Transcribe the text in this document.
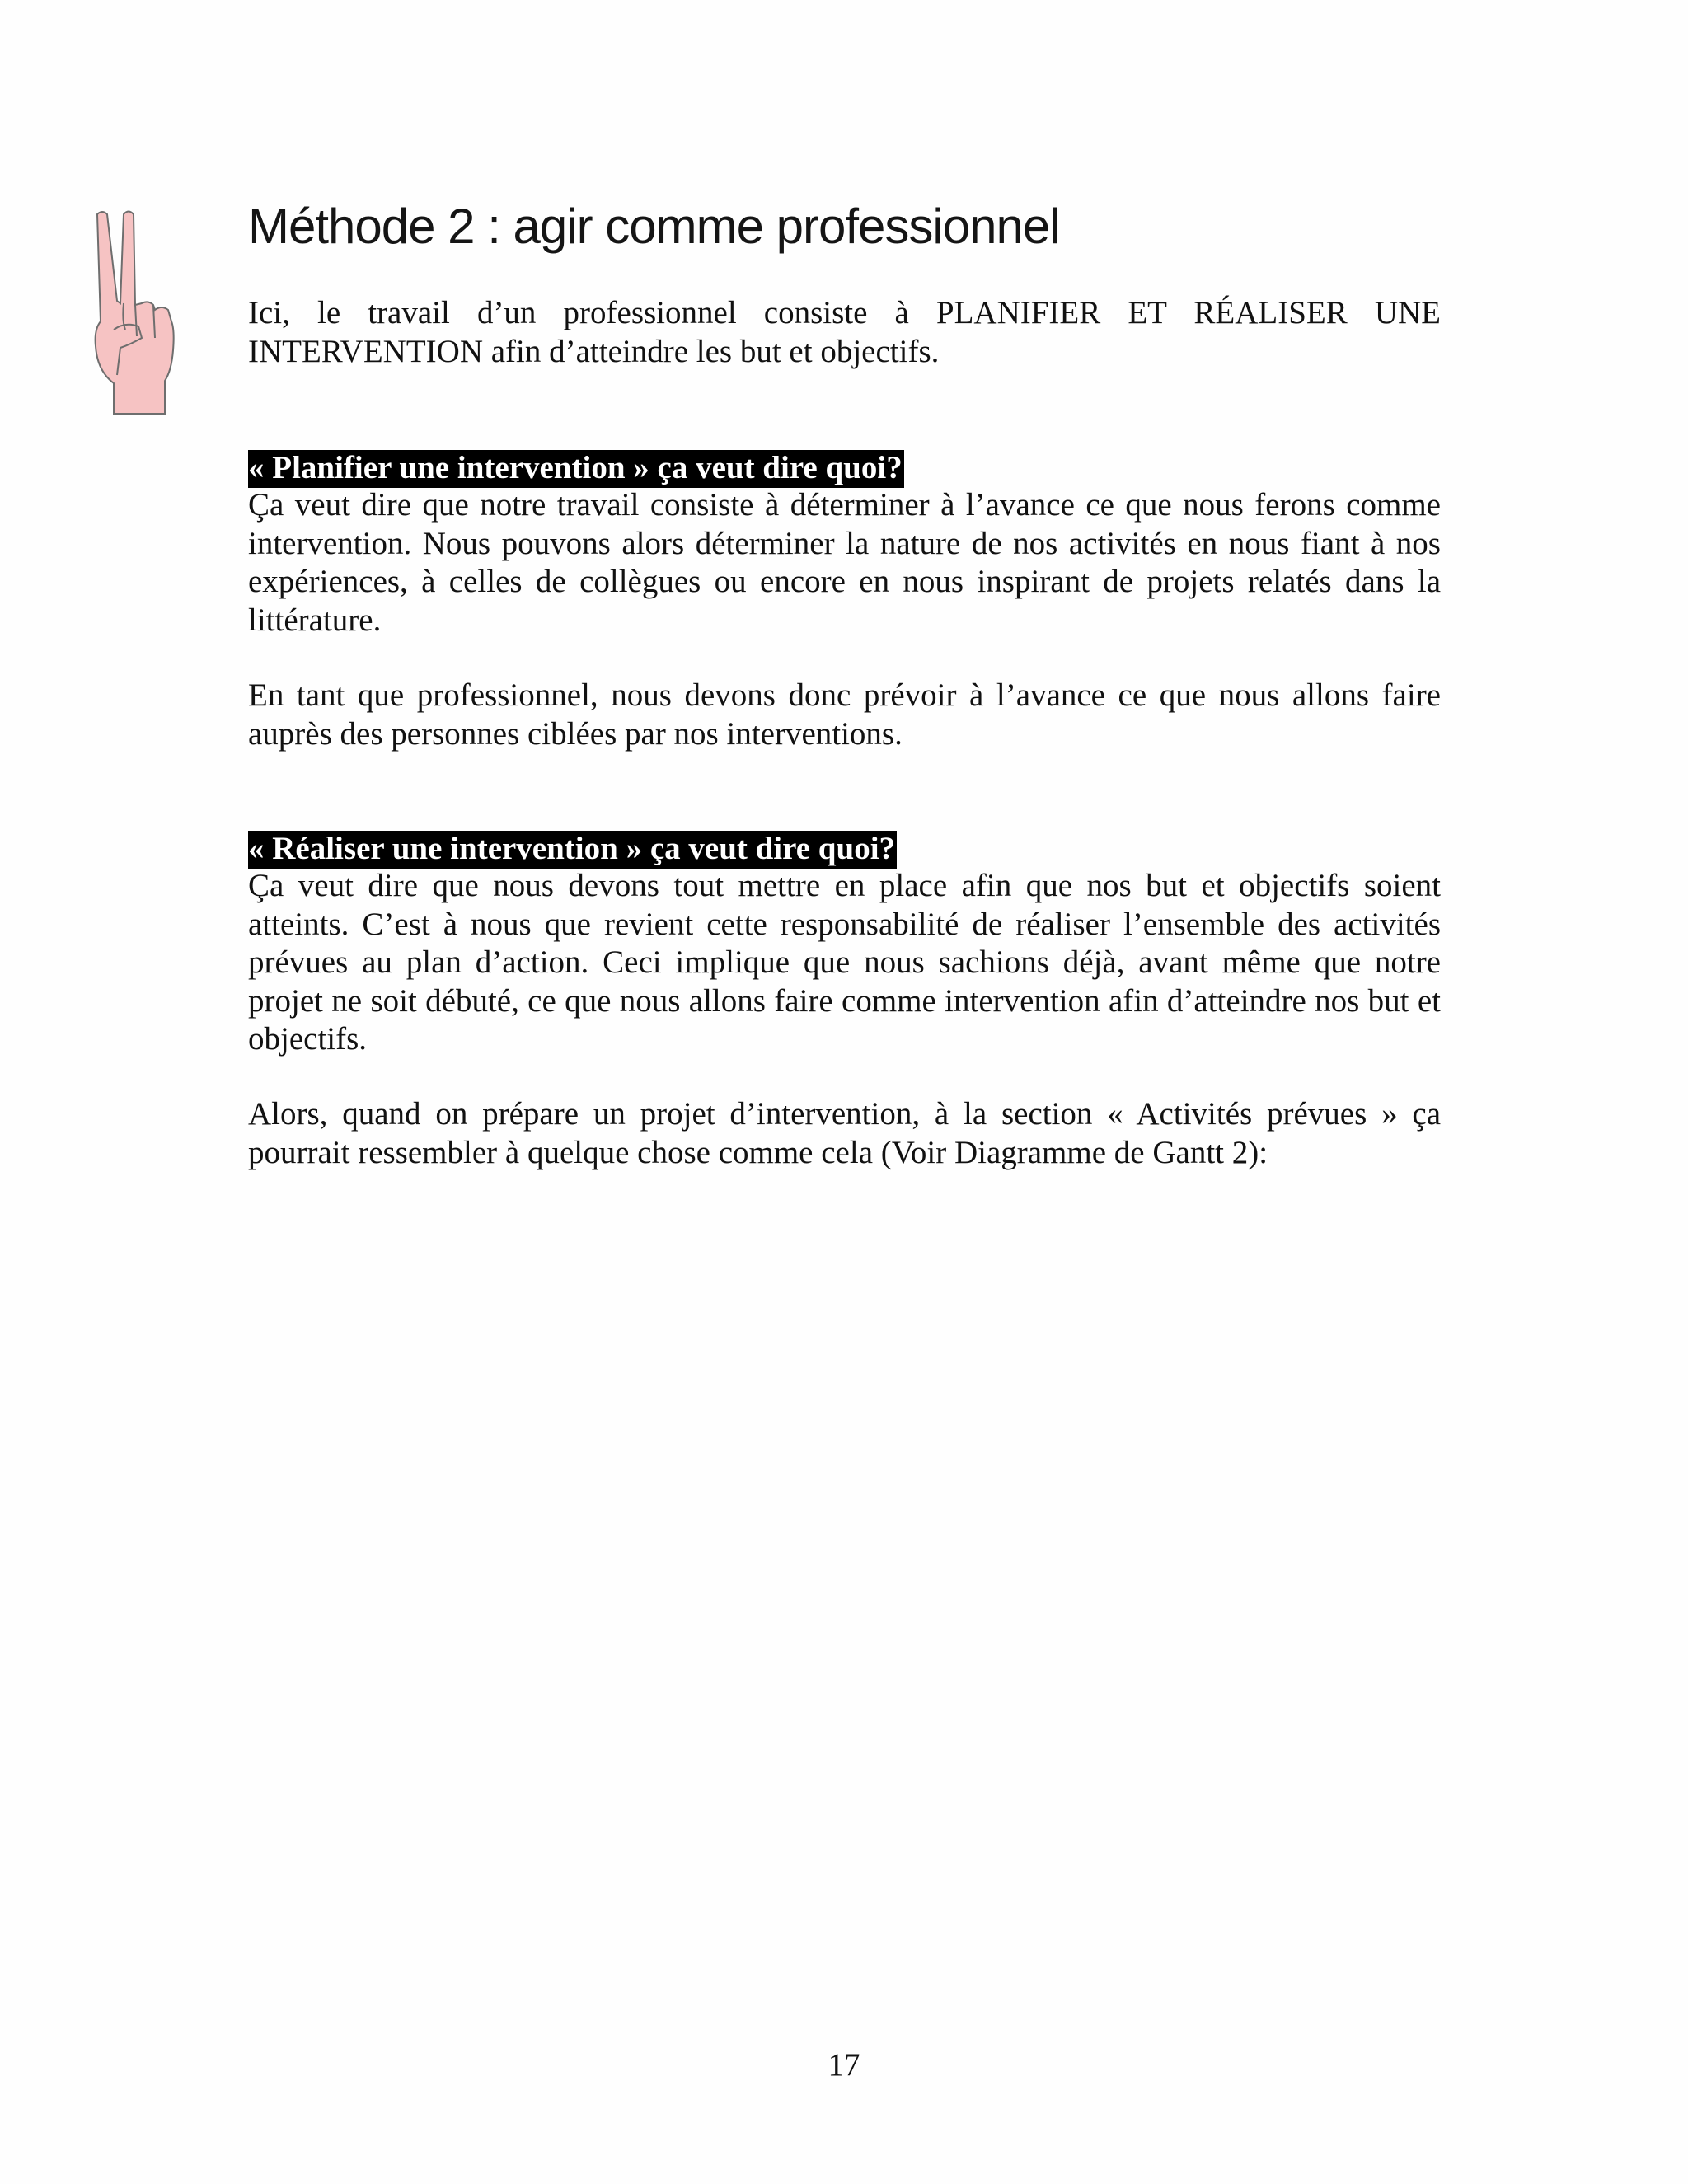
Méthode 2 : agir comme professionnel

Ici, le travail d’un professionnel consiste à PLANIFIER ET RÉALISER UNE INTERVENTION afin d’atteindre les but et objectifs.

« Planifier une intervention » ça veut dire quoi?

Ça veut dire que notre travail consiste à déterminer à l’avance ce que nous ferons comme intervention. Nous pouvons alors déterminer la nature de nos activités en nous fiant à nos expériences, à celles de collègues ou encore en nous inspirant de projets relatés dans la littérature.

En tant que professionnel, nous devons donc prévoir à l’avance ce que nous allons faire auprès des personnes ciblées par nos interventions.

« Réaliser une intervention » ça veut dire quoi?

Ça veut dire que nous devons tout mettre en place afin que nos but et objectifs soient atteints. C’est à nous que revient cette responsabilité de réaliser l’ensemble des activités prévues au plan d’action. Ceci implique que nous sachions déjà, avant même que notre projet ne soit débuté, ce que nous allons faire comme intervention afin d’atteindre nos but et objectifs.

Alors, quand on prépare un projet d’intervention, à la section « Activités prévues » ça pourrait ressembler à quelque chose comme cela (Voir Diagramme de Gantt 2):

17
